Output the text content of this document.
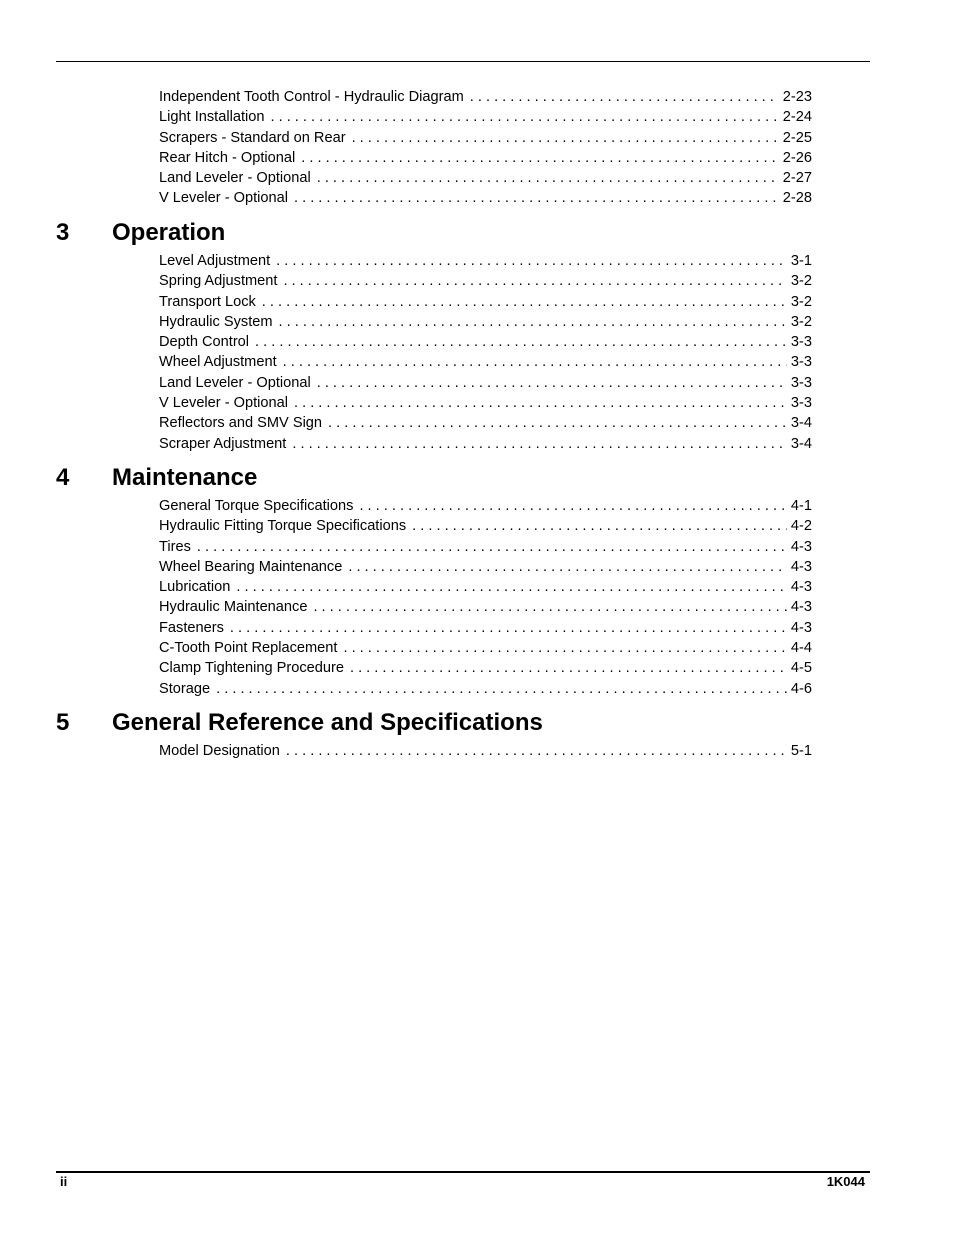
Independent Tooth Control - Hydraulic Diagram . . .	2-23
Light Installation . . .	2-24
Scrapers - Standard on Rear . . .	2-25
Rear Hitch - Optional . . .	2-26
Land Leveler - Optional . . .	2-27
V Leveler - Optional . . .	2-28
3	Operation
Level Adjustment . . .	3-1
Spring Adjustment . . .	3-2
Transport Lock . . .	3-2
Hydraulic System . . .	3-2
Depth Control . . .	3-3
Wheel Adjustment . . .	3-3
Land Leveler - Optional . . .	3-3
V Leveler - Optional . . .	3-3
Reflectors and SMV Sign . . .	3-4
Scraper Adjustment . . .	3-4
4	Maintenance
General Torque Specifications . . .	4-1
Hydraulic Fitting Torque Specifications . . .	4-2
Tires . . .	4-3
Wheel Bearing Maintenance . . .	4-3
Lubrication . . .	4-3
Hydraulic Maintenance . . .	4-3
Fasteners . . .	4-3
C-Tooth Point Replacement . . .	4-4
Clamp Tightening Procedure . . .	4-5
Storage . . .	4-6
5	General Reference and Specifications
Model Designation . . .	5-1
ii	1K044
